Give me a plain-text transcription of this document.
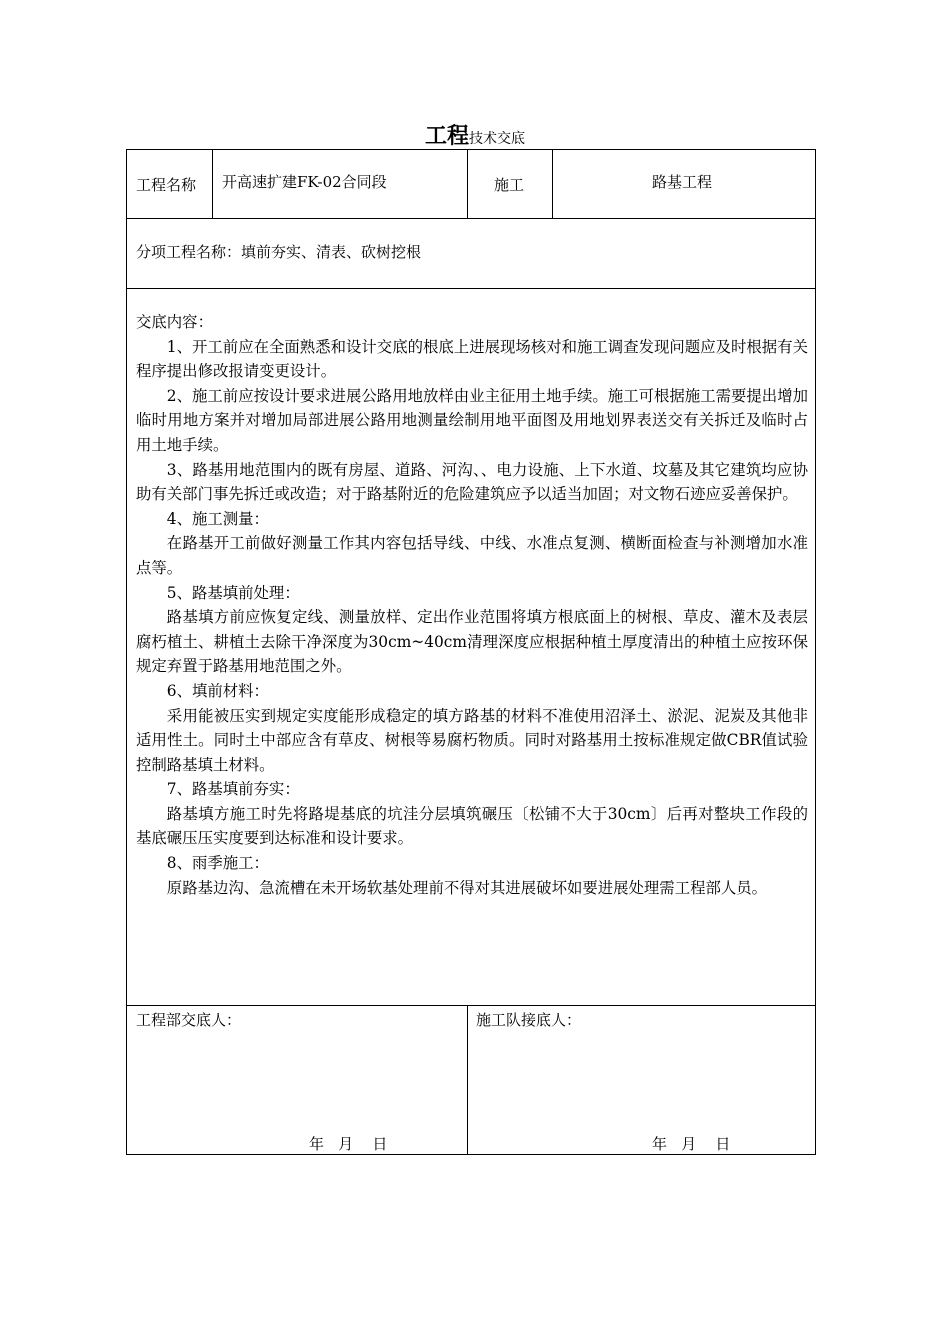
工程技术交底
工程名称 开高速扩建FK-02合同段	施工	路基工程
分项工程名称：填前夯实、清表、砍树挖根

交底内容：

1、开工前应在全面熟悉和设计交底的根底上进展现场核对和施工调查发现问题应及时根据有关程序提出修改报请变更设计。

2、施工前应按设计要求进展公路用地放样由业主征用土地手续。施工可根据施工需要提出增加临时用地方案并对增加局部进展公路用地测量绘制用地平面图及用地划界表送交有关拆迁及临时占用土地手续。

3、路基用地范围内的既有房屋、道路、河沟、、电力设施、上下水道、坟墓及其它建筑均应协助有关部门事先拆迁或改造；对于路基附近的危险建筑应予以适当加固；对文物石迹应妥善保护。

4、施工测量：

在路基开工前做好测量工作其内容包括导线、中线、水准点复测、横断面检查与补测增加水准点等。

5、路基填前处理：

路基填方前应恢复定线、测量放样、定出作业范围将填方根底面上的树根、草皮、灌木及表层腐朽植土、耕植土去除干净深度为30cm~40cm清理深度应根据种植土厚度清出的种植土应按环保规定弃置于路基用地范围之外。

6、填前材料：

采用能被压实到规定实度能形成稳定的填方路基的材料不准使用沼泽土、淤泥、泥炭及其他非适用性土。同时土中部应含有草皮、树根等易腐朽物质。同时对路基用土按标准规定做CBR值试验控制路基填土材料。

7、路基填前夯实：

路基填方施工时先将路堤基底的坑洼分层填筑碾压〔松铺不大于30cm〕后再对整块工作段的基底碾压压实度要到达标准和设计要求。

8、雨季施工：

原路基边沟、急流槽在未开场软基处理前不得对其进展破坏如要进展处理需工程部人员。

工程部交底人：	施工队接底人：
年   月    日	年   月    日
